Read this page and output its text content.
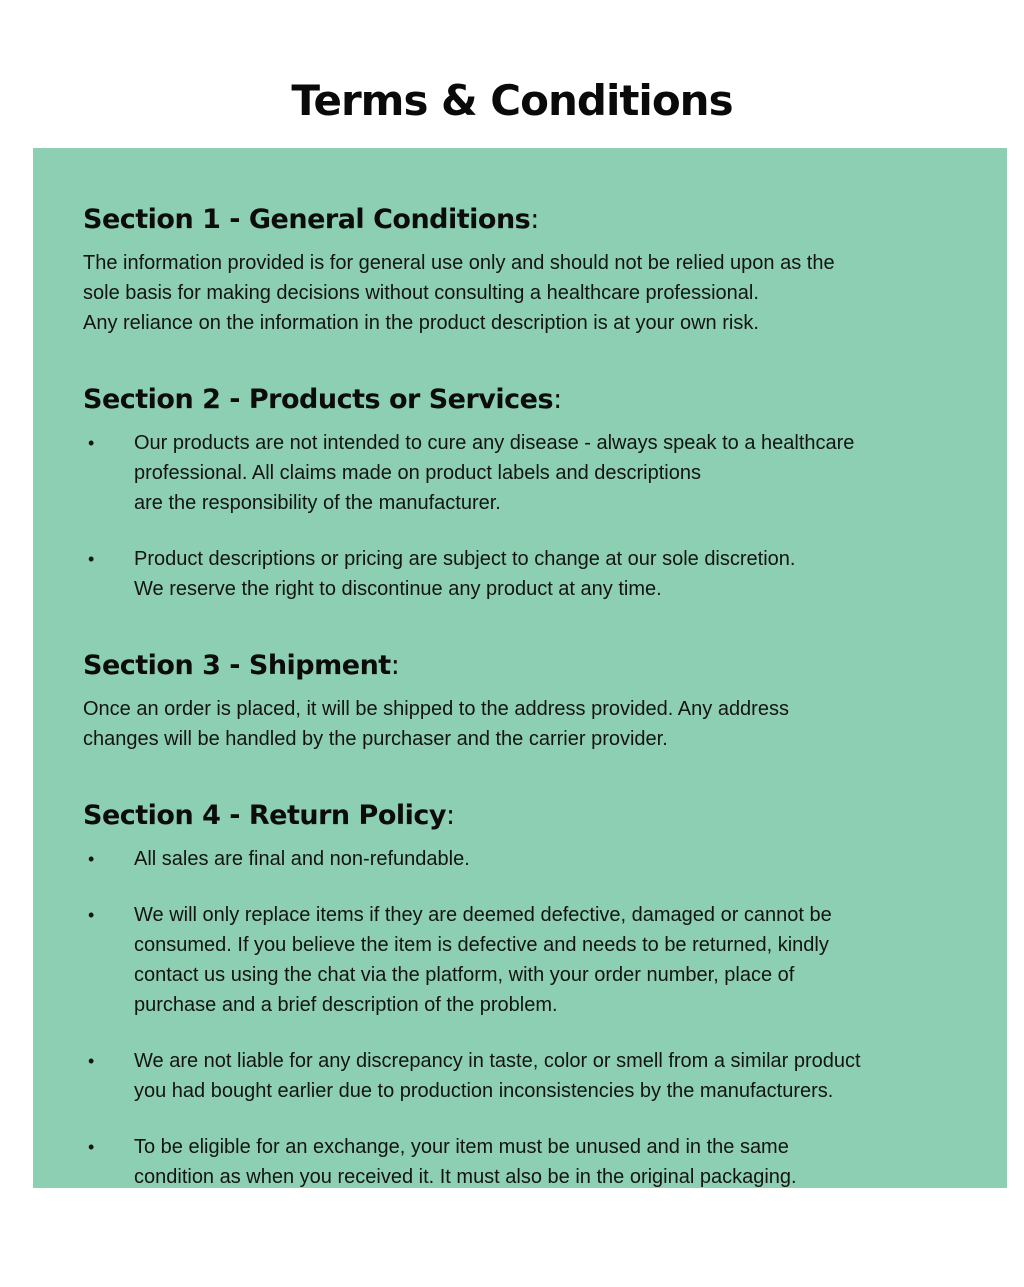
Terms & Conditions
Section 1 - General Conditions:
The information provided is for general use only and should not be relied upon as the
sole basis for making decisions without consulting a healthcare professional.
Any reliance on the information in the product description is at your own risk.
Section 2 - Products or Services:
•	Our products are not intended to cure any disease - always speak to a healthcare
professional. All claims made on product labels and descriptions
are the responsibility of the manufacturer.
•	Product descriptions or pricing are subject to change at our sole discretion.
We reserve the right to discontinue any product at any time.
Section 3 - Shipment:
Once an order is placed, it will be shipped to the address provided. Any address
changes will be handled by the purchaser and the carrier provider.
Section 4 - Return Policy:
•	All sales are final and non-refundable.
•	We will only replace items if they are deemed defective, damaged or cannot be
consumed. If you believe the item is defective and needs to be returned, kindly
contact us using the chat via the platform, with your order number, place of
purchase and a brief description of the problem.
•	We are not liable for any discrepancy in taste, color or smell from a similar product
you had bought earlier due to production inconsistencies by the manufacturers.
•	To be eligible for an exchange, your item must be unused and in the same
condition as when you received it. It must also be in the original packaging.
